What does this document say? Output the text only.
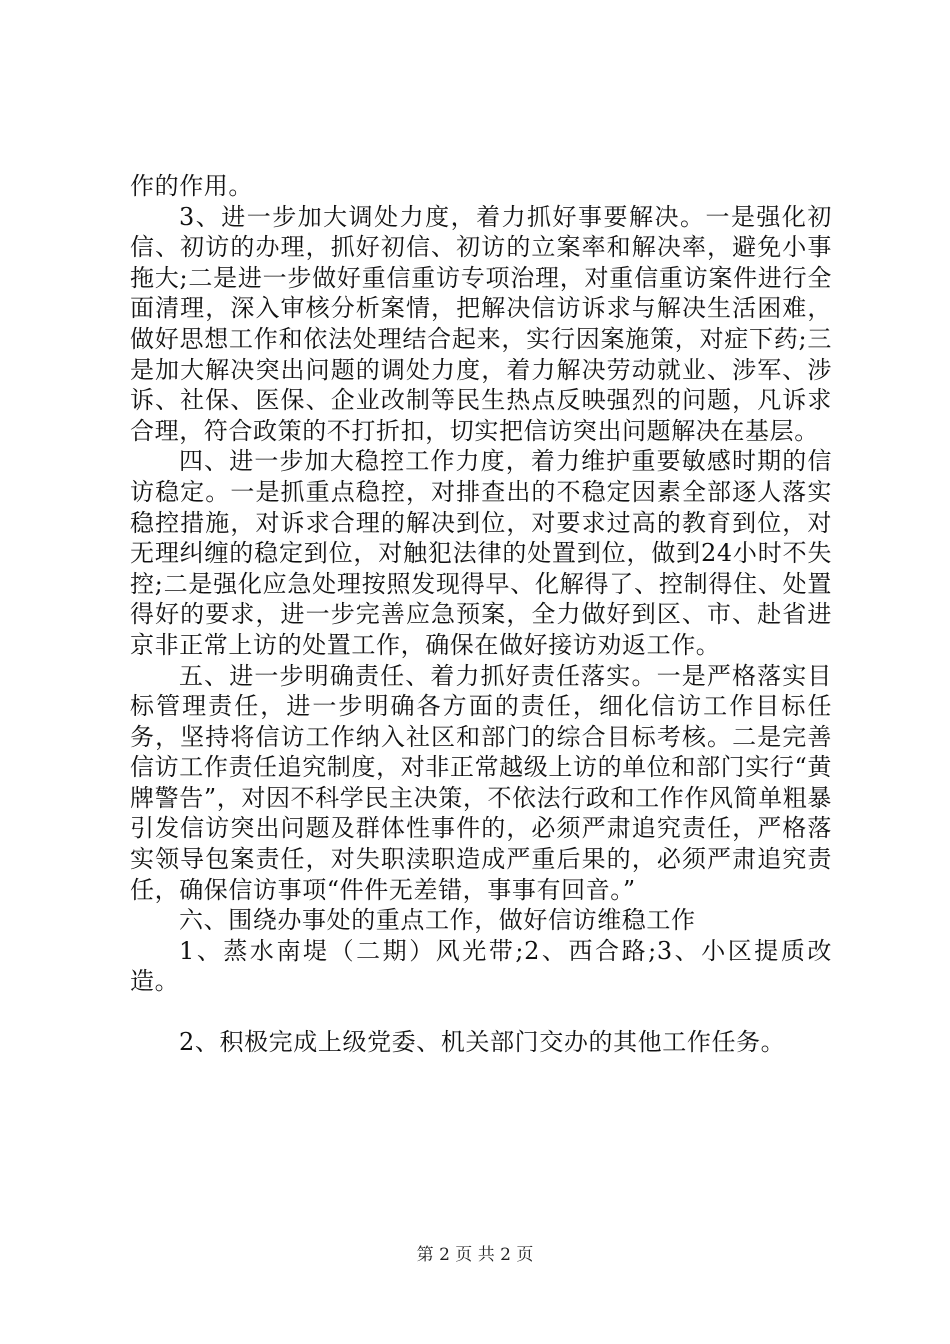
作的作用。

3、进一步加大调处力度，着力抓好事要解决。一是强化初信、初访的办理，抓好初信、初访的立案率和解决率，避免小事拖大;二是进一步做好重信重访专项治理，对重信重访案件进行全面清理，深入审核分析案情，把解决信访诉求与解决生活困难，做好思想工作和依法处理结合起来，实行因案施策，对症下药;三是加大解决突出问题的调处力度，着力解决劳动就业、涉军、涉诉、社保、医保、企业改制等民生热点反映强烈的问题，凡诉求合理，符合政策的不打折扣，切实把信访突出问题解决在基层。

四、进一步加大稳控工作力度，着力维护重要敏感时期的信访稳定。一是抓重点稳控，对排查出的不稳定因素全部逐人落实稳控措施，对诉求合理的解决到位，对要求过高的教育到位，对无理纠缠的稳定到位，对触犯法律的处置到位，做到24小时不失控;二是强化应急处理按照发现得早、化解得了、控制得住、处置得好的要求，进一步完善应急预案，全力做好到区、市、赴省进京非正常上访的处置工作，确保在做好接访劝返工作。

五、进一步明确责任、着力抓好责任落实。一是严格落实目标管理责任，进一步明确各方面的责任，细化信访工作目标任务，坚持将信访工作纳入社区和部门的综合目标考核。二是完善信访工作责任追究制度，对非正常越级上访的单位和部门实行“黄牌警告”，对因不科学民主决策，不依法行政和工作作风简单粗暴引发信访突出问题及群体性事件的，必须严肃追究责任，严格落实领导包案责任，对失职渎职造成严重后果的，必须严肃追究责任，确保信访事项“件件无差错，事事有回音。”

六、围绕办事处的重点工作，做好信访维稳工作

1、蒸水南堤（二期）风光带;2、西合路;3、小区提质改造。

2、积极完成上级党委、机关部门交办的其他工作任务。

第 2 页 共 2 页
